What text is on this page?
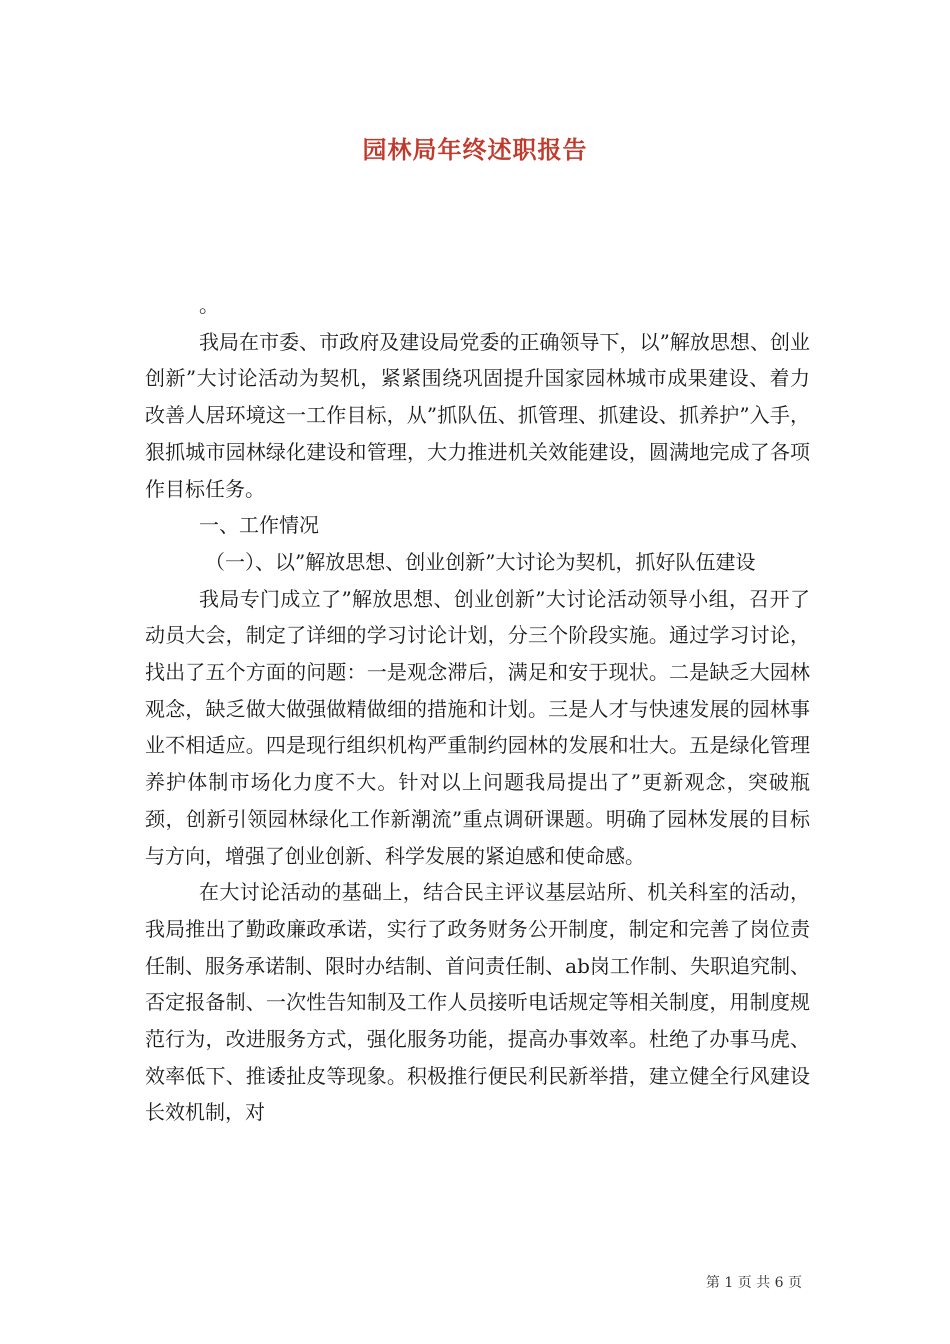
园林局年终述职报告

。

我局在市委、市政府及建设局党委的正确领导下，以”解放思想、创业创新”大讨论活动为契机，紧紧围绕巩固提升国家园林城市成果建设、着力改善人居环境这一工作目标，从”抓队伍、抓管理、抓建设、抓养护”入手，狠抓城市园林绿化建设和管理，大力推进机关效能建设，圆满地完成了各项作目标任务。

一、工作情况

（一）、以”解放思想、创业创新”大讨论为契机，抓好队伍建设

我局专门成立了”解放思想、创业创新”大讨论活动领导小组，召开了动员大会，制定了详细的学习讨论计划，分三个阶段实施。通过学习讨论，找出了五个方面的问题：一是观念滞后，满足和安于现状。二是缺乏大园林观念，缺乏做大做强做精做细的措施和计划。三是人才与快速发展的园林事业不相适应。四是现行组织机构严重制约园林的发展和壮大。五是绿化管理养护体制市场化力度不大。针对以上问题我局提出了”更新观念，突破瓶颈，创新引领园林绿化工作新潮流”重点调研课题。明确了园林发展的目标与方向，增强了创业创新、科学发展的紧迫感和使命感。

在大讨论活动的基础上，结合民主评议基层站所、机关科室的活动，我局推出了勤政廉政承诺，实行了政务财务公开制度，制定和完善了岗位责任制、服务承诺制、限时办结制、首问责任制、ab岗工作制、失职追究制、否定报备制、一次性告知制及工作人员接听电话规定等相关制度，用制度规范行为，改进服务方式，强化服务功能，提高办事效率。杜绝了办事马虎、效率低下、推诿扯皮等现象。积极推行便民利民新举措，建立健全行风建设长效机制，对

第 1 页 共 6 页
